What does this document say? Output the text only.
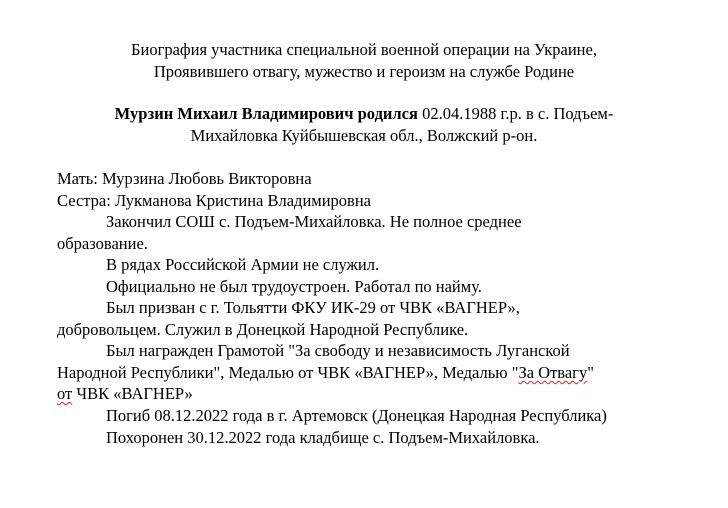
Биография участника специальной военной операции на Украине,
Проявившего отвагу, мужество и героизм на службе Родине
Мурзин Михаил Владимирович родился 02.04.1988 г.р. в с. Подъем-
Михайловка Куйбышевская обл., Волжский р-он.
Мать: Мурзина Любовь Викторовна
Сестра: Лукманова Кристина Владимировна
Закончил СОШ с. Подъем-Михайловка. Не полное среднее
образование.
В рядах Российской Армии не служил.
Официально не был трудоустроен. Работал по найму.
Был призван с г. Тольятти ФКУ ИК-29 от ЧВК «ВАГНЕР»,
добровольцем. Служил в Донецкой Народной Республике.
Был награжден Грамотой "За свободу и независимость Луганской
Народной Республики", Медалью от ЧВК «ВАГНЕР», Медалью "За Отвагу"
от ЧВК «ВАГНЕР»
Погиб 08.12.2022 года в г. Артемовск (Донецкая Народная Республика)
Похоронен 30.12.2022 года кладбище с. Подъем-Михайловка.
